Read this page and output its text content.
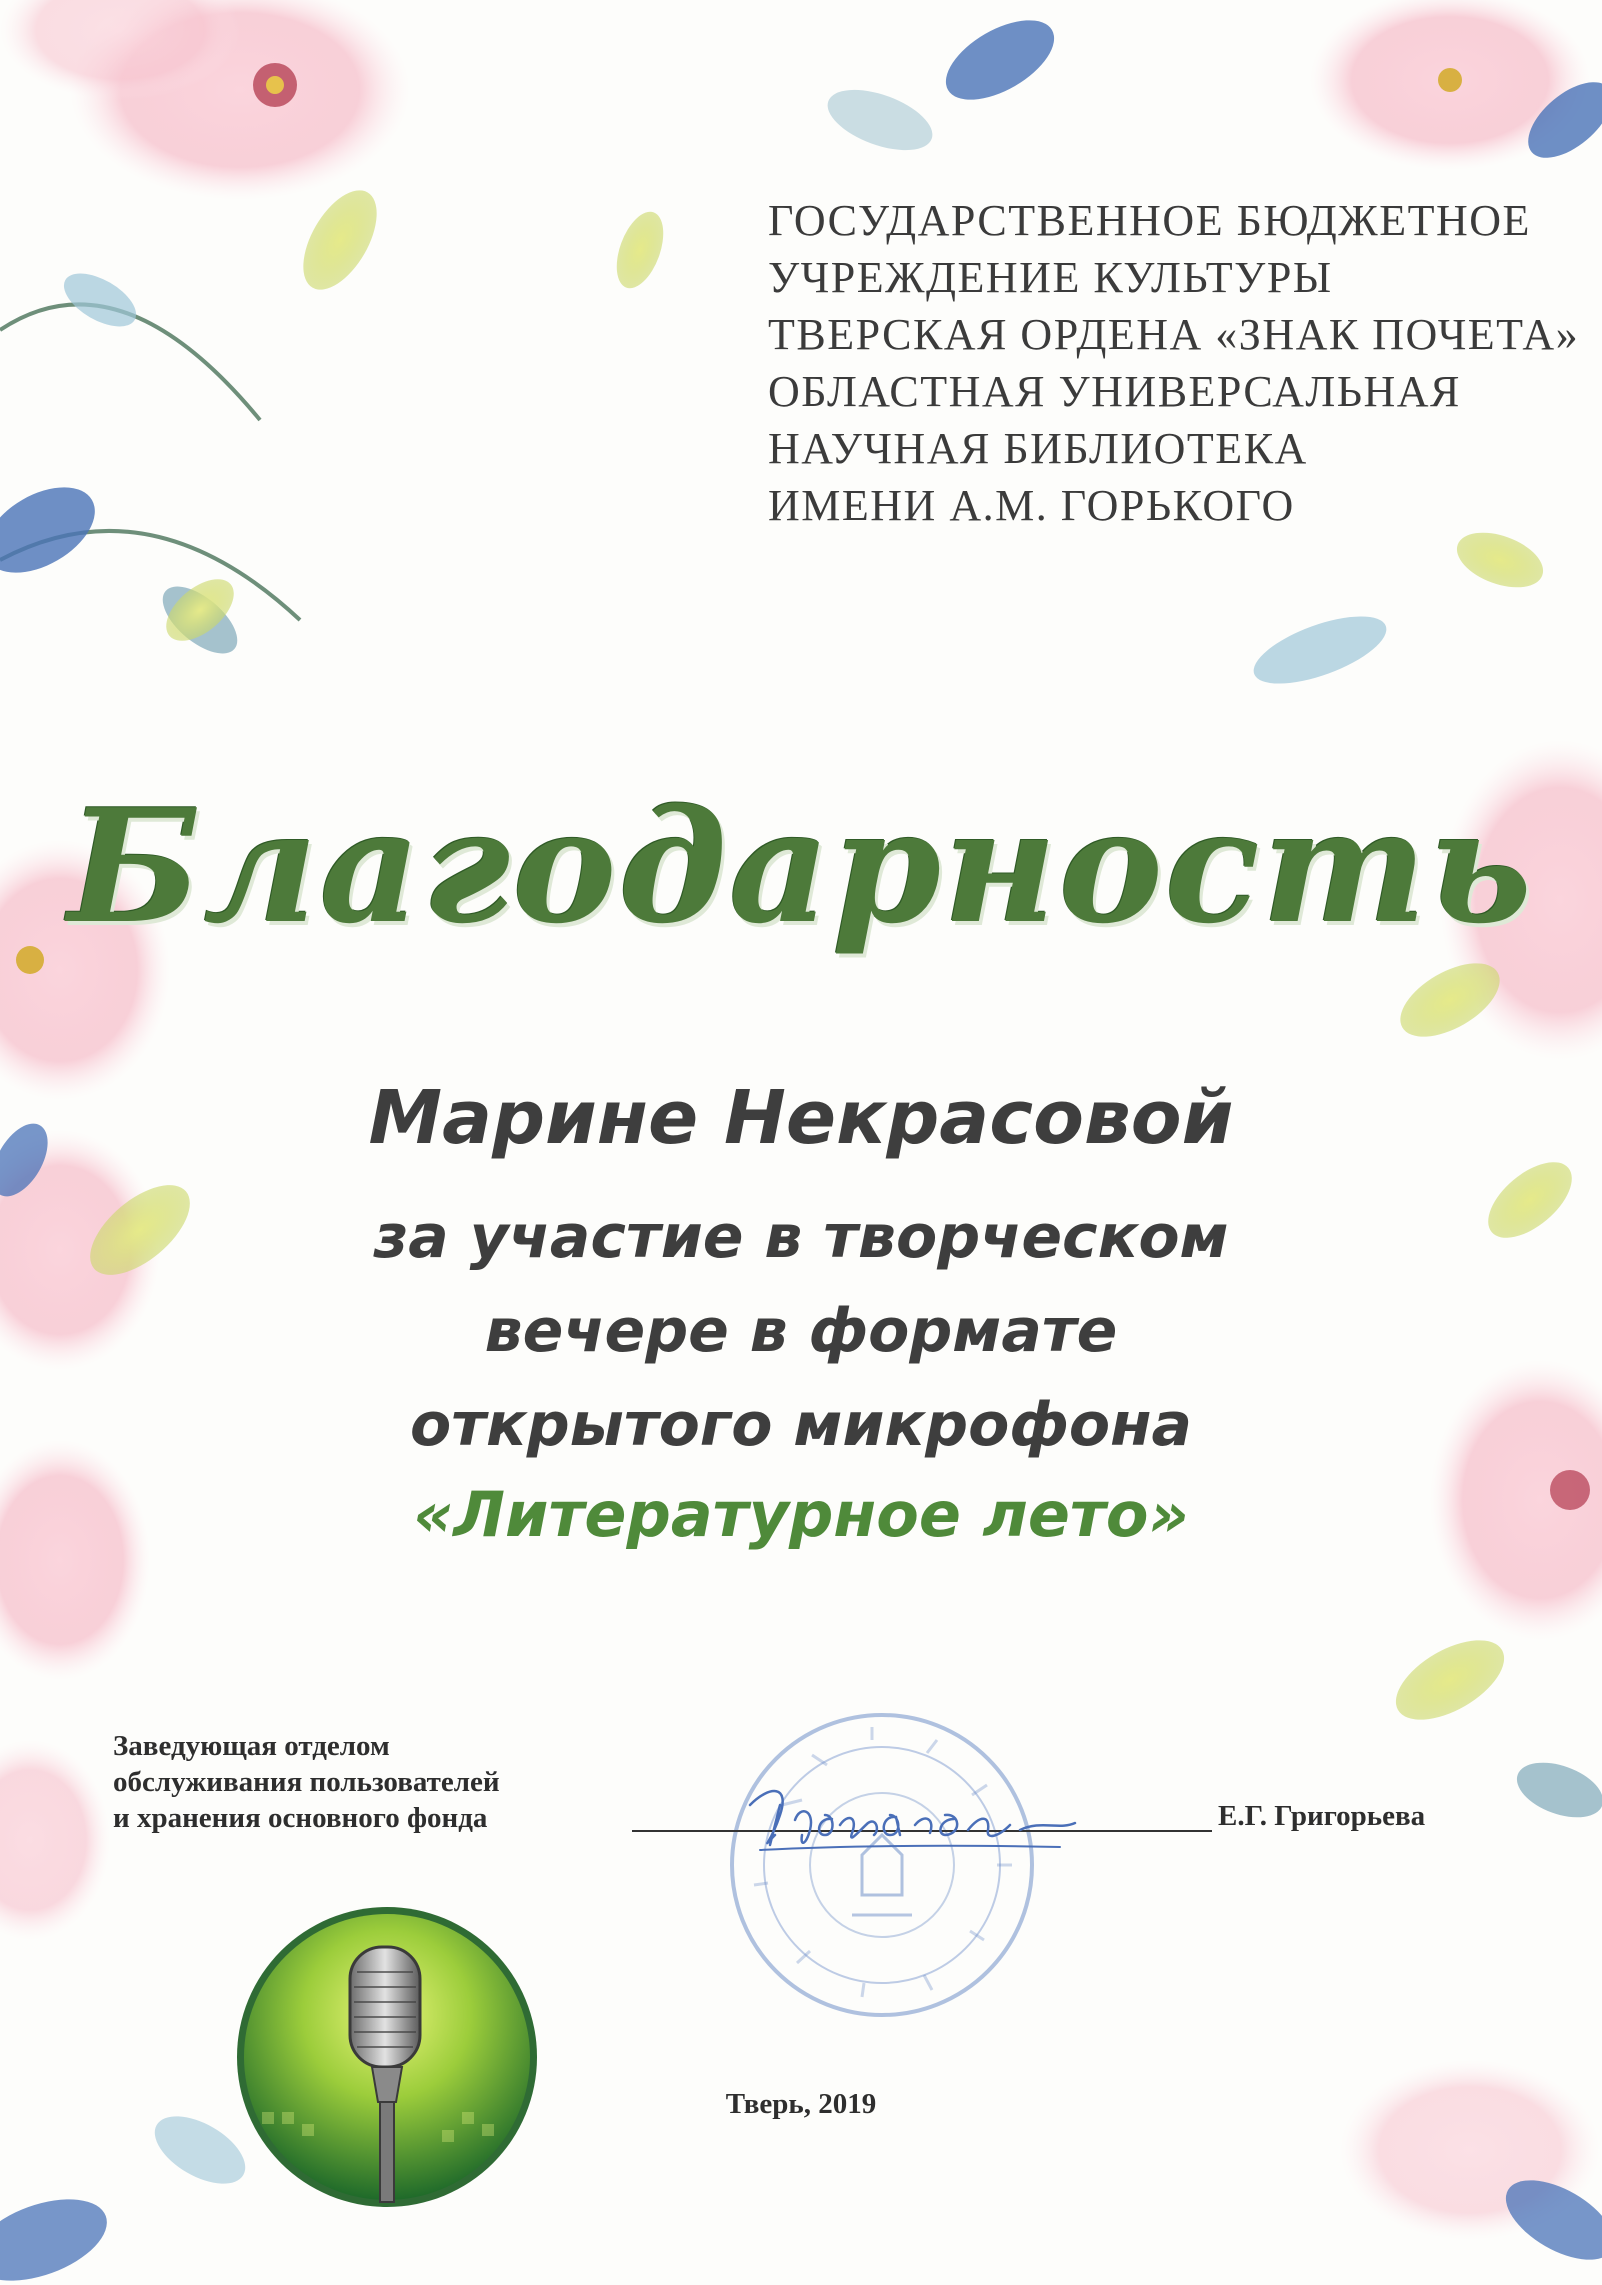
ГОСУДАРСТВЕННОЕ БЮДЖЕТНОЕ
УЧРЕЖДЕНИЕ КУЛЬТУРЫ
ТВЕРСКАЯ ОРДЕНА «ЗНАК ПОЧЕТА»
ОБЛАСТНАЯ УНИВЕРСАЛЬНАЯ
НАУЧНАЯ БИБЛИОТЕКА
ИМЕНИ А.М. ГОРЬКОГО
Благодарность
Марине Некрасовой
за участие в творческом
вечере в формате
открытого микрофона
«Литературное лето»
Заведующая отделом
обслуживания пользователей
и хранения основного фонда	Е.Г. Григорьева
Тверь, 2019
